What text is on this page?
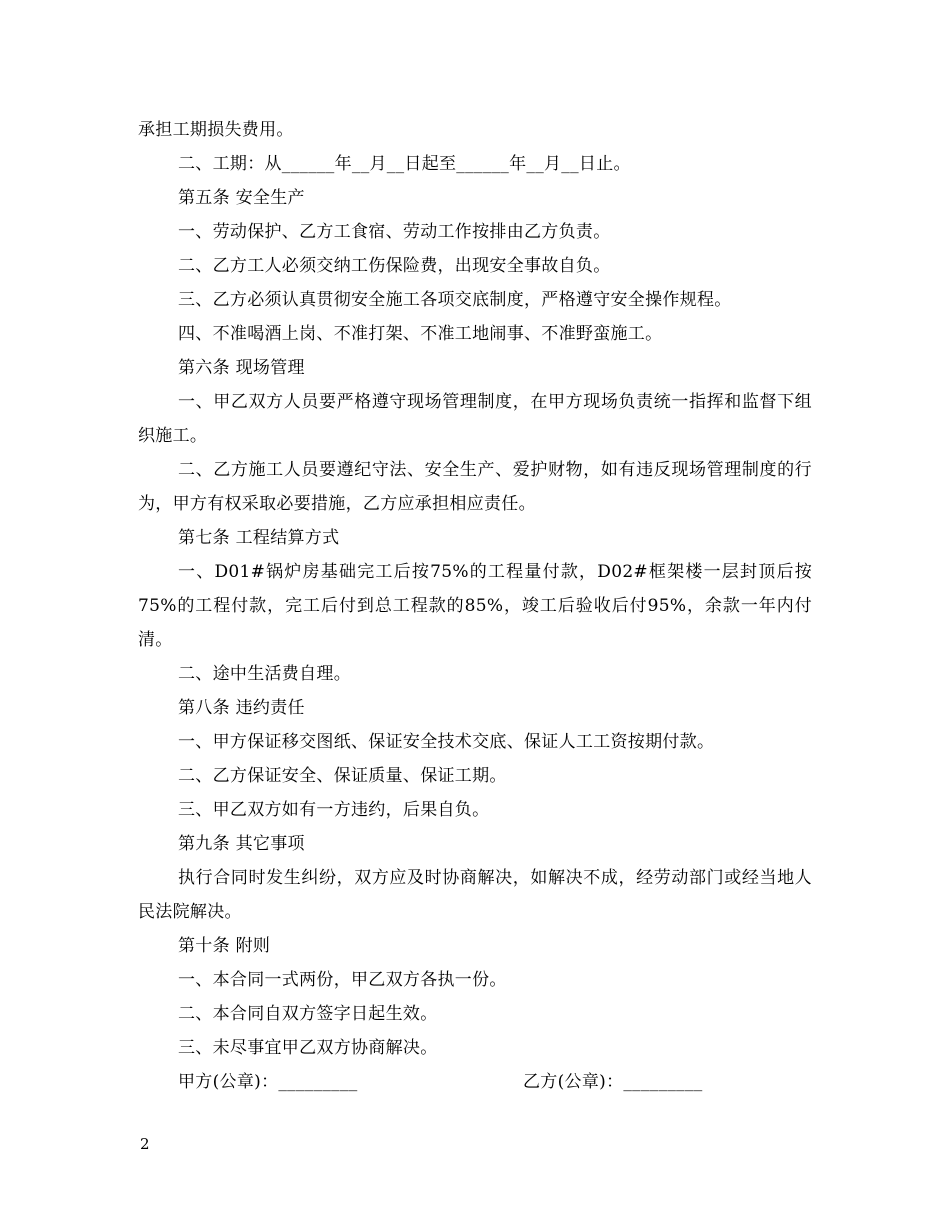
承担工期损失费用。

二、工期：从______年__月__日起至______年__月__日止。

第五条 安全生产

一、劳动保护、乙方工食宿、劳动工作按排由乙方负责。

二、乙方工人必须交纳工伤保险费，出现安全事故自负。

三、乙方必须认真贯彻安全施工各项交底制度，严格遵守安全操作规程。

四、不准喝酒上岗、不准打架、不准工地闹事、不准野蛮施工。

第六条 现场管理

一、甲乙双方人员要严格遵守现场管理制度，在甲方现场负责统一指挥和监督下组织施工。

二、乙方施工人员要遵纪守法、安全生产、爱护财物，如有违反现场管理制度的行为，甲方有权采取必要措施，乙方应承担相应责任。

第七条 工程结算方式

一、D01#锅炉房基础完工后按75%的工程量付款，D02#框架楼一层封顶后按75%的工程付款，完工后付到总工程款的85%，竣工后验收后付95%，余款一年内付清。

二、途中生活费自理。

第八条 违约责任

一、甲方保证移交图纸、保证安全技术交底、保证人工工资按期付款。

二、乙方保证安全、保证质量、保证工期。

三、甲乙双方如有一方违约，后果自负。

第九条 其它事项

执行合同时发生纠纷，双方应及时协商解决，如解决不成，经劳动部门或经当地人民法院解决。

第十条 附则

一、本合同一式两份，甲乙双方各执一份。

二、本合同自双方签字日起生效。

三、未尽事宜甲乙双方协商解决。

甲方(公章)：_________	乙方(公章)：_________
2
